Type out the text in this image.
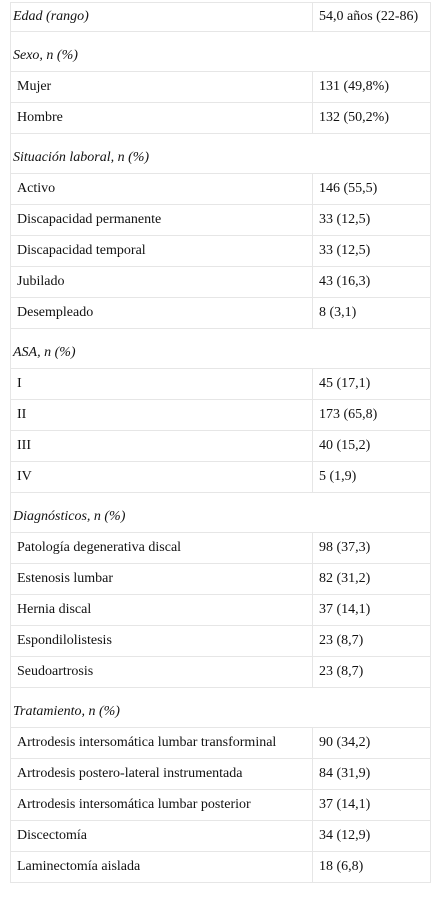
Edad (rango)	54,0 años (22-86)

Sexo, n (%)	
Mujer	131 (49,8%)
Hombre	132 (50,2%)

Situación laboral, n (%)	
Activo	146 (55,5)
Discapacidad permanente	33 (12,5)
Discapacidad temporal	33 (12,5)
Jubilado	43 (16,3)
Desempleado	8 (3,1)

ASA, n (%)	
I	45 (17,1)
II	173 (65,8)
III	40 (15,2)
IV	5 (1,9)

Diagnósticos, n (%)	
Patología degenerativa discal	98 (37,3)
Estenosis lumbar	82 (31,2)
Hernia discal	37 (14,1)
Espondilolistesis	23 (8,7)
Seudoartrosis	23 (8,7)

Tratamiento, n (%)	
Artrodesis intersomática lumbar transforminal	90 (34,2)
Artrodesis postero-lateral instrumentada	84 (31,9)
Artrodesis intersomática lumbar posterior	37 (14,1)
Discectomía	34 (12,9)
Laminectomía aislada	18 (6,8)
